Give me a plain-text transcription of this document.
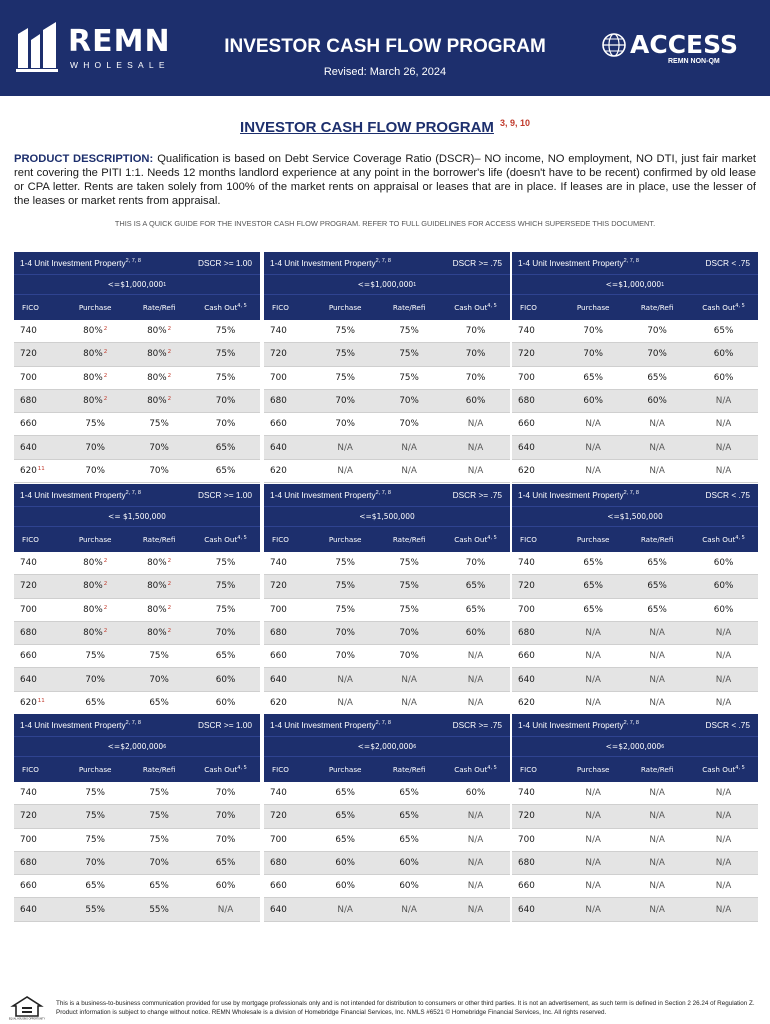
REMN
WHOLESALE
INVESTOR CASH FLOW PROGRAM
Revised: March 26, 2024
ACCESS
REMN NON-QM
INVESTOR CASH FLOW PROGRAM $^{3, 9, 10}$
PRODUCT DESCRIPTION: Qualification is based on Debt Service Coverage Ratio (DSCR)– NO income, NO employment, NO DTI, just fair market rent covering the PITI 1:1. Needs 12 months landlord experience at any point in the borrower's life (doesn't have to be recent) confirmed by old lease or CPA letter. Rents are taken solely from 100% of the market rents on appraisal or leases that are in place. If leases are in place, use the lesser of the leases or market rents from appraisal.
THIS IS A QUICK GUIDE FOR THE INVESTOR CASH FLOW PROGRAM. REFER TO FULL GUIDELINES FOR ACCESS WHICH SUPERSEDE THIS DOCUMENT.
1-4 Unit Investment Property$^{2, 7, 8}$	DSCR >= 1.00
<=$1,000,000 1
FICO	Purchase	Rate/Refi	Cash Out$^{4, 5}$
740	80%$^2$	80%$^2$	75%
720	80%$^2$	80%$^2$	75%
700	80%$^2$	80%$^2$	75%
680	80%$^2$	80%$^2$	70%
660	75%	75%	70%
640	70%	70%	65%
620$^{11}$	70%	70%	65%
1-4 Unit Investment Property$^{2, 7, 8}$	DSCR >= .75
<=$1,000,000 1
FICO	Purchase	Rate/Refi	Cash Out$^{4, 5}$
740	75%	75%	70%
720	75%	75%	70%
700	75%	75%	70%
680	70%	70%	60%
660	70%	70%	N/A
640	N/A	N/A	N/A
620	N/A	N/A	N/A
1-4 Unit Investment Property$^{2, 7, 8}$	DSCR < .75
<=$1,000,000 1
FICO	Purchase	Rate/Refi	Cash Out$^{4, 5}$
740	70%	70%	65%
720	70%	70%	60%
700	65%	65%	60%
680	60%	60%	N/A
660	N/A	N/A	N/A
640	N/A	N/A	N/A
620	N/A	N/A	N/A
1-4 Unit Investment Property$^{2, 7, 8}$	DSCR >= 1.00
<= $1,500,000
FICO	Purchase	Rate/Refi	Cash Out$^{4, 5}$
740	80%$^2$	80%$^2$	75%
720	80%$^2$	80%$^2$	75%
700	80%$^2$	80%$^2$	75%
680	80%$^2$	80%$^2$	70%
660	75%	75%	65%
640	70%	70%	60%
620$^{11}$	65%	65%	60%
1-4 Unit Investment Property$^{2, 7, 8}$	DSCR >= .75
<=$1,500,000
FICO	Purchase	Rate/Refi	Cash Out$^{4, 5}$
740	75%	75%	70%
720	75%	75%	65%
700	75%	75%	65%
680	70%	70%	60%
660	70%	70%	N/A
640	N/A	N/A	N/A
620	N/A	N/A	N/A
1-4 Unit Investment Property$^{2, 7, 8}$	DSCR < .75
<=$1,500,000
FICO	Purchase	Rate/Refi	Cash Out$^{4, 5}$
740	65%	65%	60%
720	65%	65%	60%
700	65%	65%	60%
680	N/A	N/A	N/A
660	N/A	N/A	N/A
640	N/A	N/A	N/A
620	N/A	N/A	N/A
1-4 Unit Investment Property$^{2, 7, 8}$	DSCR >= 1.00
<=$2,000,000 6
FICO	Purchase	Rate/Refi	Cash Out$^{4, 5}$
740	75%	75%	70%
720	75%	75%	70%
700	75%	75%	70%
680	70%	70%	65%
660	65%	65%	60%
640	55%	55%	N/A
1-4 Unit Investment Property$^{2, 7, 8}$	DSCR >= .75
<=$2,000,000 6
FICO	Purchase	Rate/Refi	Cash Out$^{4, 5}$
740	65%	65%	60%
720	65%	65%	N/A
700	65%	65%	N/A
680	60%	60%	N/A
660	60%	60%	N/A
640	N/A	N/A	N/A
1-4 Unit Investment Property$^{2, 7, 8}$	DSCR < .75
<=$2,000,000 6
FICO	Purchase	Rate/Refi	Cash Out$^{4, 5}$
740	N/A	N/A	N/A
720	N/A	N/A	N/A
700	N/A	N/A	N/A
680	N/A	N/A	N/A
660	N/A	N/A	N/A
640	N/A	N/A	N/A
EQUAL HOUSING OPPORTUNITY
This is a business-to-business communication provided for use by mortgage professionals only and is not intended for distribution to consumers or other third parties. It is not an advertisement, as such term is defined in Section 2 26.24 of Regulation Z. Product information is subject to change without notice. REMN Wholesale is a division of Homebridge Financial Services, Inc. NMLS #6521 © Homebridge Financial Services, Inc. All rights reserved.
